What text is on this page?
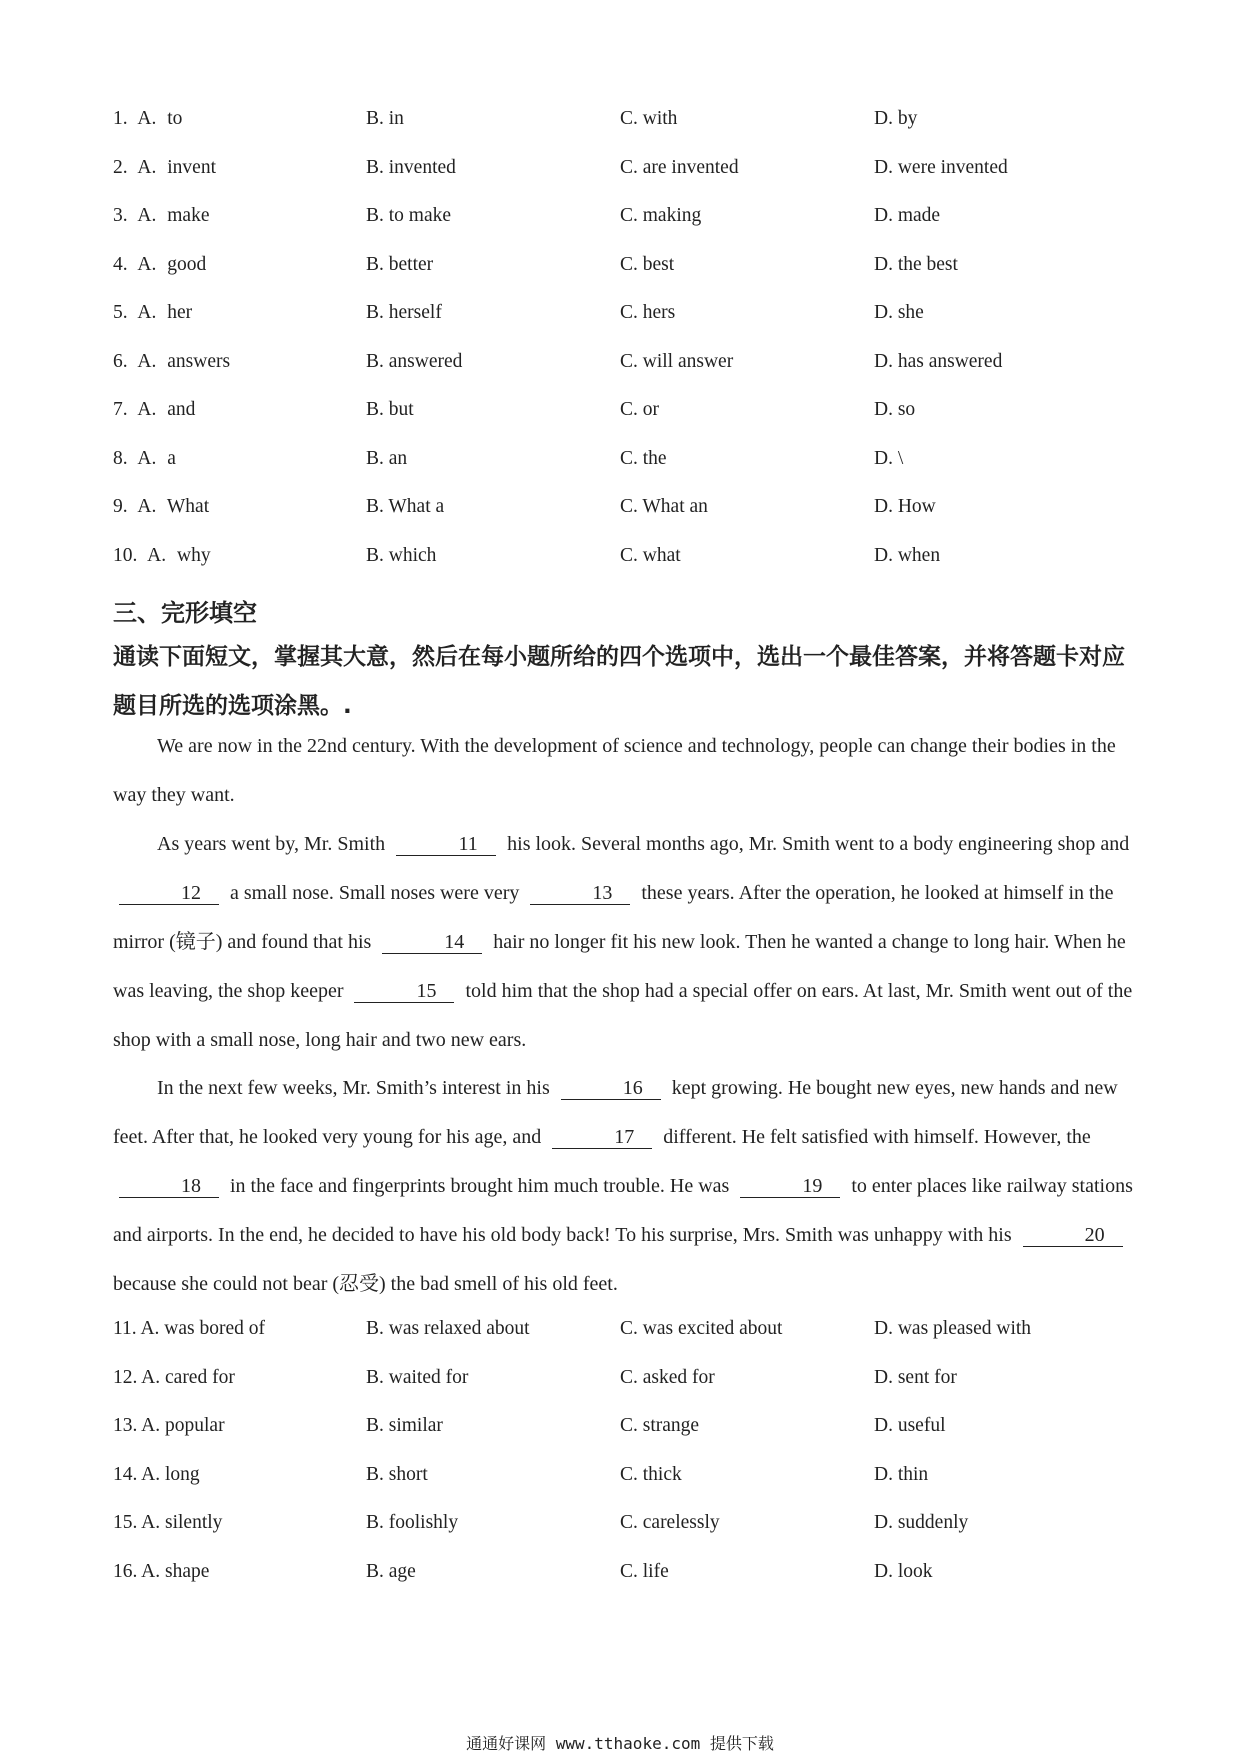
1. A. to	B. in	C. with	D. by
2. A. invent	B. invented	C. are invented	D. were invented
3. A. make	B. to make	C. making	D. made
4. A. good	B. better	C. best	D. the best
5. A. her	B. herself	C. hers	D. she
6. A. answers	B. answered	C. will answer	D. has answered
7. A. and	B. but	C. or	D. so
8. A. a	B. an	C. the	D. \
9. A. What	B. What a	C. What an	D. How
10. A. why	B. which	C. what	D. when
三、完形填空
通读下面短文，掌握其大意，然后在每小题所给的四个选项中，选出一个最佳答案，并将答题卡对应题目所选的选项涂黑。.
We are now in the 22nd century. With the development of science and technology, people can change their bodies in the way they want.
As years went by, Mr. Smith	11 his look. Several months ago, Mr. Smith went to a body engineering shop and 12 a small nose. Small noses were very	13 these years. After the operation, he looked at himself in the mirror (镜子) and found that his	14 hair no longer fit his new look. Then he wanted a change to long hair. When he was leaving, the shop keeper	15 told him that the shop had a special offer on ears. At last, Mr. Smith went out of the shop with a small nose, long hair and two new ears.
In the next few weeks, Mr. Smith’s interest in his	16 kept growing. He bought new eyes, new hands and new feet. After that, he looked very young for his age, and	17 different. He felt satisfied with himself. However, the 18 in the face and fingerprints brought him much trouble. He was	19 to enter places like railway stations and airports. In the end, he decided to have his old body back! To his surprise, Mrs. Smith was unhappy with his	20 because she could not bear (忍受) the bad smell of his old feet.
11. A. was bored of	B. was relaxed about	C. was excited about	D. was pleased with
12. A. cared for	B. waited for	C. asked for	D. sent for
13. A. popular	B. similar	C. strange	D. useful
14. A. long	B. short	C. thick	D. thin
15. A. silently	B. foolishly	C. carelessly	D. suddenly
16. A. shape	B. age	C. life	D. look
通通好课网 www.tthaoke.com 提供下载
